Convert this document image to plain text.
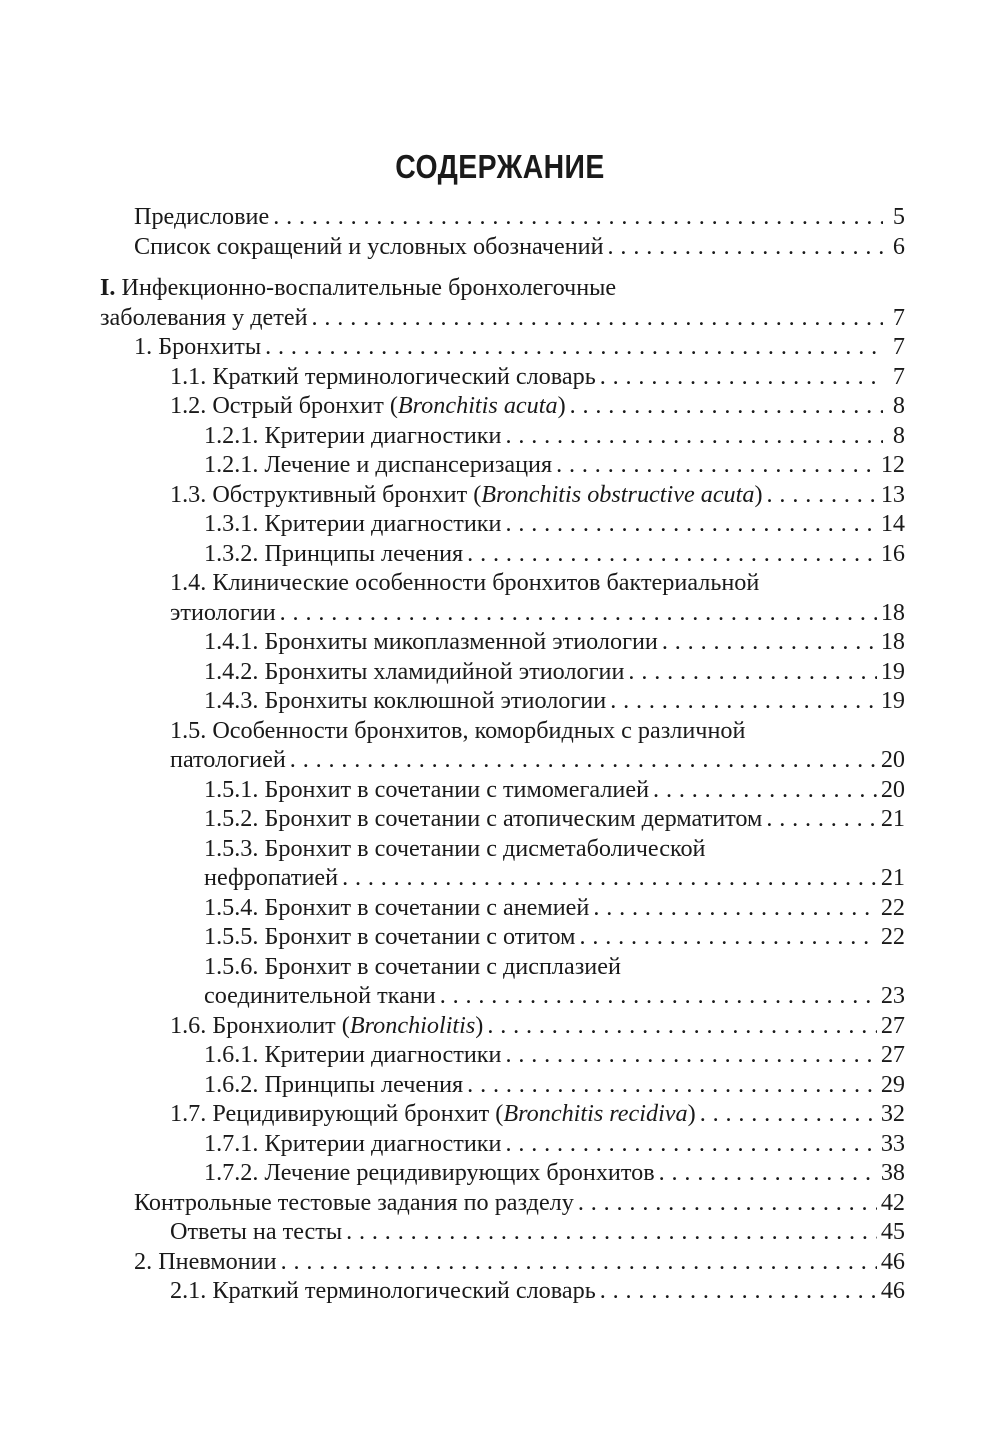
СОДЕРЖАНИЕ
Предисловие . . .	5
Список сокращений и условных обозначений . . .	6
I. Инфекционно-воспалительные бронхолегочные
заболевания у детей . . .	7
1. Бронхиты . . .	7
1.1. Краткий терминологический словарь . . .	7
1.2. Острый бронхит (Bronchitis acuta) . . .	8
1.2.1. Критерии диагностики . . .	8
1.2.1. Лечение и диспансеризация . . .	12
1.3. Обструктивный бронхит (Bronchitis obstructive acuta) . . .	13
1.3.1. Критерии диагностики . . .	14
1.3.2. Принципы лечения . . .	16
1.4. Клинические особенности бронхитов бактериальной
этиологии . . .	18
1.4.1. Бронхиты микоплазменной этиологии . . .	18
1.4.2. Бронхиты хламидийной этиологии . . .	19
1.4.3. Бронхиты коклюшной этиологии . . .	19
1.5. Особенности бронхитов, коморбидных с различной
патологией . . .	20
1.5.1. Бронхит в сочетании с тимомегалией . . .	20
1.5.2. Бронхит в сочетании с атопическим дерматитом . . .	21
1.5.3. Бронхит в сочетании с дисметаболической
нефропатией . . .	21
1.5.4. Бронхит в сочетании с анемией . . .	22
1.5.5. Бронхит в сочетании с отитом . . .	22
1.5.6. Бронхит в сочетании с дисплазией
соединительной ткани . . .	23
1.6. Бронхиолит (Bronchiolitis) . . .	27
1.6.1. Критерии диагностики . . .	27
1.6.2. Принципы лечения . . .	29
1.7. Рецидивирующий бронхит (Bronchitis recidiva) . . .	32
1.7.1. Критерии диагностики . . .	33
1.7.2. Лечение рецидивирующих бронхитов . . .	38
Контрольные тестовые задания по разделу . . .	42
Ответы на тесты . . .	45
2. Пневмонии . . .	46
2.1. Краткий терминологический словарь . . .	46
